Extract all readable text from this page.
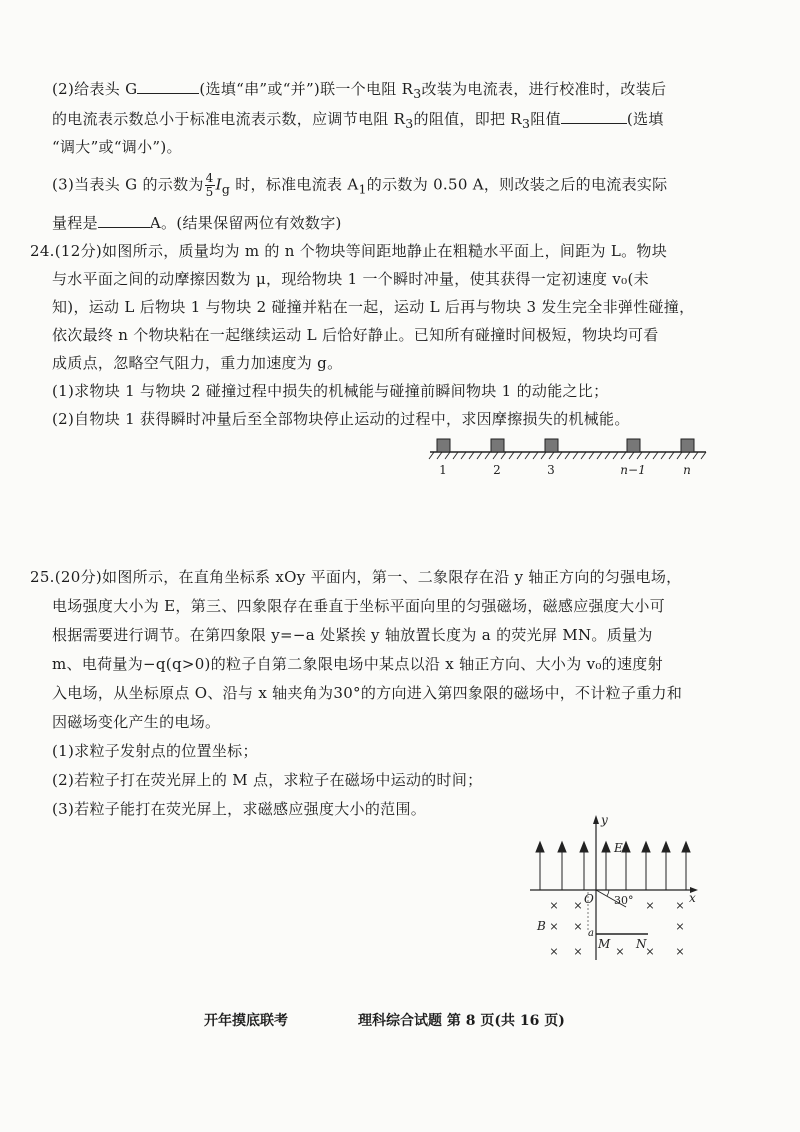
(2)给表头 G	(选填“串”或“并”)联一个电阻 $R_3$改装为电流表，进行校准时，改装后
的电流表示数总小于标准电流表示数，应调节电阻 $R_3$的阻值，即把 $R_3$阻值	(选填
“调大”或“调小”)。
(3)当表头 G 的示数为 $\frac{4}{5} I_g$ 时，标准电流表 $A_1$的示数为 0.50 A，则改装之后的电流表实际
量程是	A。(结果保留两位有效数字)
24.(12分)如图所示，质量均为 m 的 n 个物块等间距地静止在粗糙水平面上，间距为 L。物块
与水平面之间的动摩擦因数为 μ，现给物块 1 一个瞬时冲量，使其获得一定初速度 v₀(未
知)，运动 L 后物块 1 与物块 2 碰撞并粘在一起，运动 L 后再与物块 3 发生完全非弹性碰撞，
依次最终 n 个物块粘在一起继续运动 L 后恰好静止。已知所有碰撞时间极短，物块均可看
成质点，忽略空气阻力，重力加速度为 g。
(1)求物块 1 与物块 2 碰撞过程中损失的机械能与碰撞前瞬间物块 1 的动能之比；
(2)自物块 1 获得瞬时冲量后至全部物块停止运动的过程中，求因摩擦损失的机械能。
1	2	3	n−1	n
25.(20分)如图所示，在直角坐标系 xOy 平面内，第一、二象限存在沿 y 轴正方向的匀强电场，
电场强度大小为 E，第三、四象限存在垂直于坐标平面向里的匀强磁场，磁感应强度大小可
根据需要进行调节。在第四象限 y=−a 处紧挨 y 轴放置长度为 a 的荧光屏 MN。质量为
m、电荷量为−q(q>0)的粒子自第二象限电场中某点以沿 x 轴正方向、大小为 v₀的速度射
入电场，从坐标原点 O、沿与 x 轴夹角为30°的方向进入第四象限的磁场中，不计粒子重力和
因磁场变化产生的电场。
(1)求粒子发射点的位置坐标；
(2)若粒子打在荧光屏上的 M 点，求粒子在磁场中运动的时间；
(3)若粒子能打在荧光屏上，求磁感应强度大小的范围。
× ×	× ×
× ×	×
× ×	× × ×
y
x
E
O
B
a
M N
30°
开年摸底联考	理科综合试题 第 8 页(共 16 页)
